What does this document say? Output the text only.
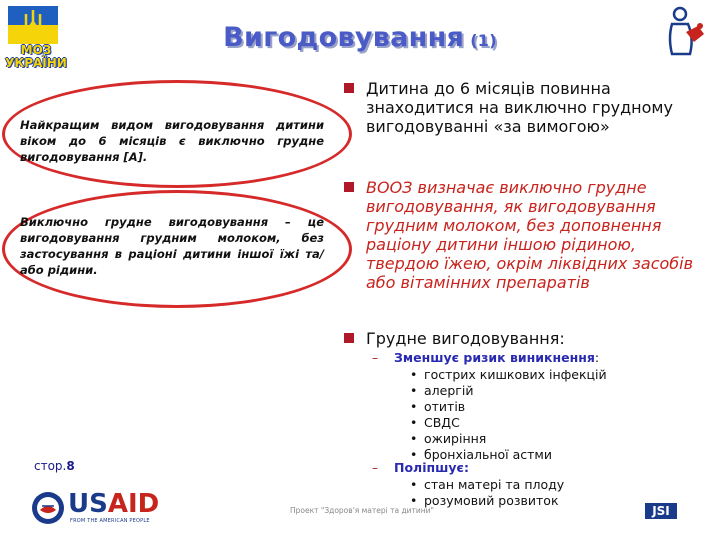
МОЗ УКРАЇНИ
Вигодовування (1)
Найкращим видом вигодовування дитини віком до 6 місяців є виключно грудне вигодовування [A].
Виключно грудне вигодовування – це вигодовування грудним молоком, без застосування в раціоні дитини іншої їжі та/або рідини.
стор.8
Дитина до 6 місяців повинна знаходитися на виключно грудному вигодовуванні «за вимогою»
ВООЗ визначає виключно грудне вигодовування, як вигодовування грудним молоком, без доповнення раціону дитини іншою рідиною, твердою їжею, окрім ліквідних засобів або вітамінних препаратів
Грудне вигодовування:
– Зменшує ризик виникнення:
• гострих кишкових інфекцій
• алергій
• отитів
• СВДС
• ожиріння
• бронхіальної астми
– Поліпшує:
• стан матері та плоду
• розумовий розвиток
USAID
FROM THE AMERICAN PEOPLE
Проект "Здоров'я матері та дитини"	JSI
